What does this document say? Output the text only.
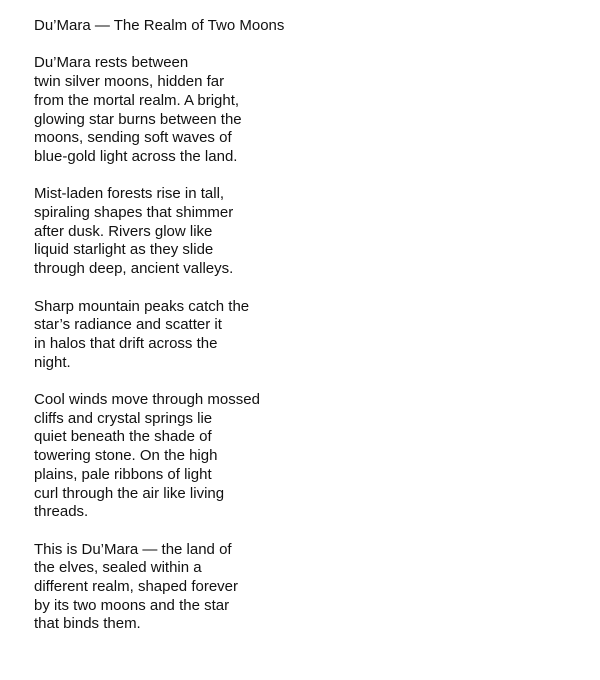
Du’Mara — The Realm of Two Moons
Du’Mara rests between
twin silver moons, hidden far
from the mortal realm. A bright,
glowing star burns between the
moons, sending soft waves of
blue-gold light across the land.
Mist-laden forests rise in tall,
spiraling shapes that shimmer
after dusk. Rivers glow like
liquid starlight as they slide
through deep, ancient valleys.
Sharp mountain peaks catch the
star’s radiance and scatter it
in halos that drift across the
night.
Cool winds move through mossed
cliffs and crystal springs lie
quiet beneath the shade of
towering stone. On the high
plains, pale ribbons of light
curl through the air like living
threads.
This is Du’Mara — the land of
the elves, sealed within a
different realm, shaped forever
by its two moons and the star
that binds them.
